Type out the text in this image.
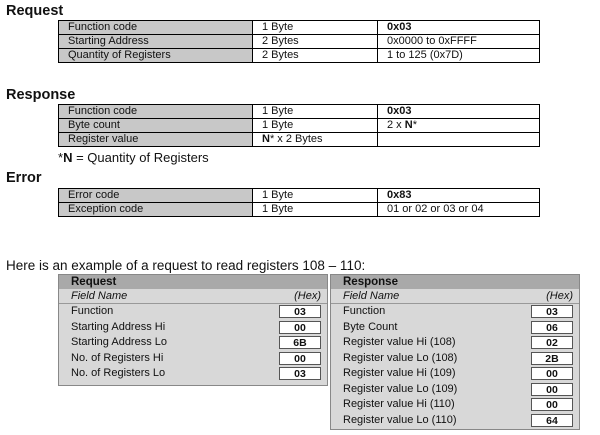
Request
Function code	1 Byte	0x03
Starting Address	2 Bytes	0x0000 to 0xFFFF
Quantity of Registers	2 Bytes	1 to 125 (0x7D)
Response
Function code	1 Byte	0x03
Byte count	1 Byte	2 x N*
Register value	N* x 2 Bytes	
*N = Quantity of Registers
Error
Error code	1 Byte	0x83
Exception code	1 Byte	01 or 02 or 03 or 04
Here is an example of a request to read registers 108 – 110:
Request
Field Name	(Hex)
Function	03
Starting Address Hi	00
Starting Address Lo	6B
No. of Registers Hi	00
No. of Registers Lo	03
Response
Field Name	(Hex)
Function	03
Byte Count	06
Register value Hi (108)	02
Register value Lo (108)	2B
Register value Hi (109)	00
Register value Lo (109)	00
Register value Hi (110)	00
Register value Lo (110)	64
